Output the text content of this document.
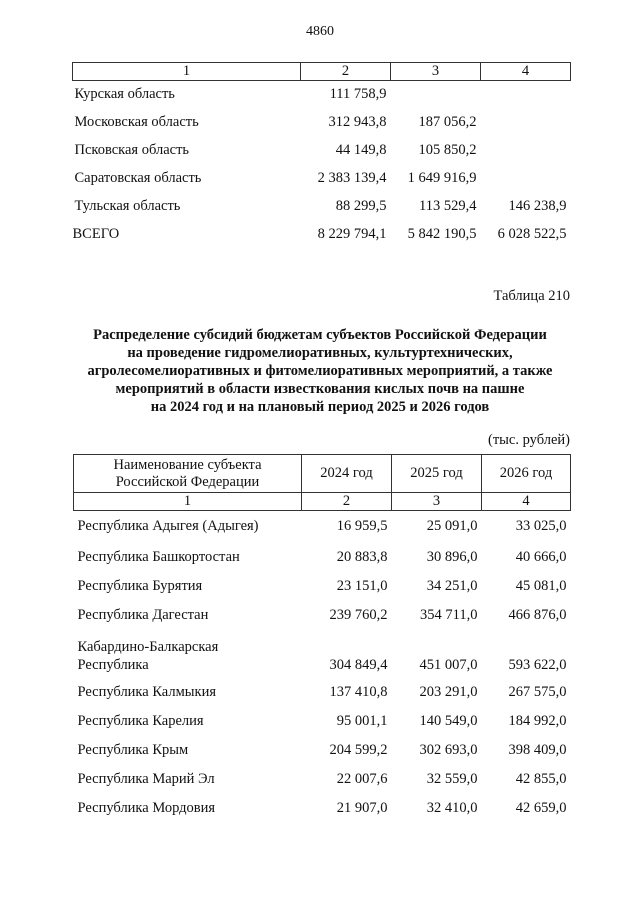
4860
1	2	3	4
Курская область	111 758,9		
Московская область	312 943,8	187 056,2	
Псковская область	44 149,8	105 850,2	
Саратовская область	2 383 139,4	1 649 916,9	
Тульская область	88 299,5	113 529,4	146 238,9
ВСЕГО	8 229 794,1	5 842 190,5	6 028 522,5
Таблица 210
Распределение субсидий бюджетам субъектов Российской Федерации
на проведение гидромелиоративных, культуртехнических,
агролесомелиоративных и фитомелиоративных мероприятий, а также
мероприятий в области известкования кислых почв на пашне
на 2024 год и на плановый период 2025 и 2026 годов
(тыс. рублей)
Наименование субъекта
Российской Федерации	2024 год	2025 год	2026 год
1	2	3	4
Республика Адыгея (Адыгея)	16 959,5	25 091,0	33 025,0
Республика Башкортостан	20 883,8	30 896,0	40 666,0
Республика Бурятия	23 151,0	34 251,0	45 081,0
Республика Дагестан	239 760,2	354 711,0	466 876,0

Кабардино-Балкарская
Республика	304 849,4	451 007,0	593 622,0
Республика Калмыкия	137 410,8	203 291,0	267 575,0
Республика Карелия	95 001,1	140 549,0	184 992,0
Республика Крым	204 599,2	302 693,0	398 409,0
Республика Марий Эл	22 007,6	32 559,0	42 855,0
Республика Мордовия	21 907,0	32 410,0	42 659,0
